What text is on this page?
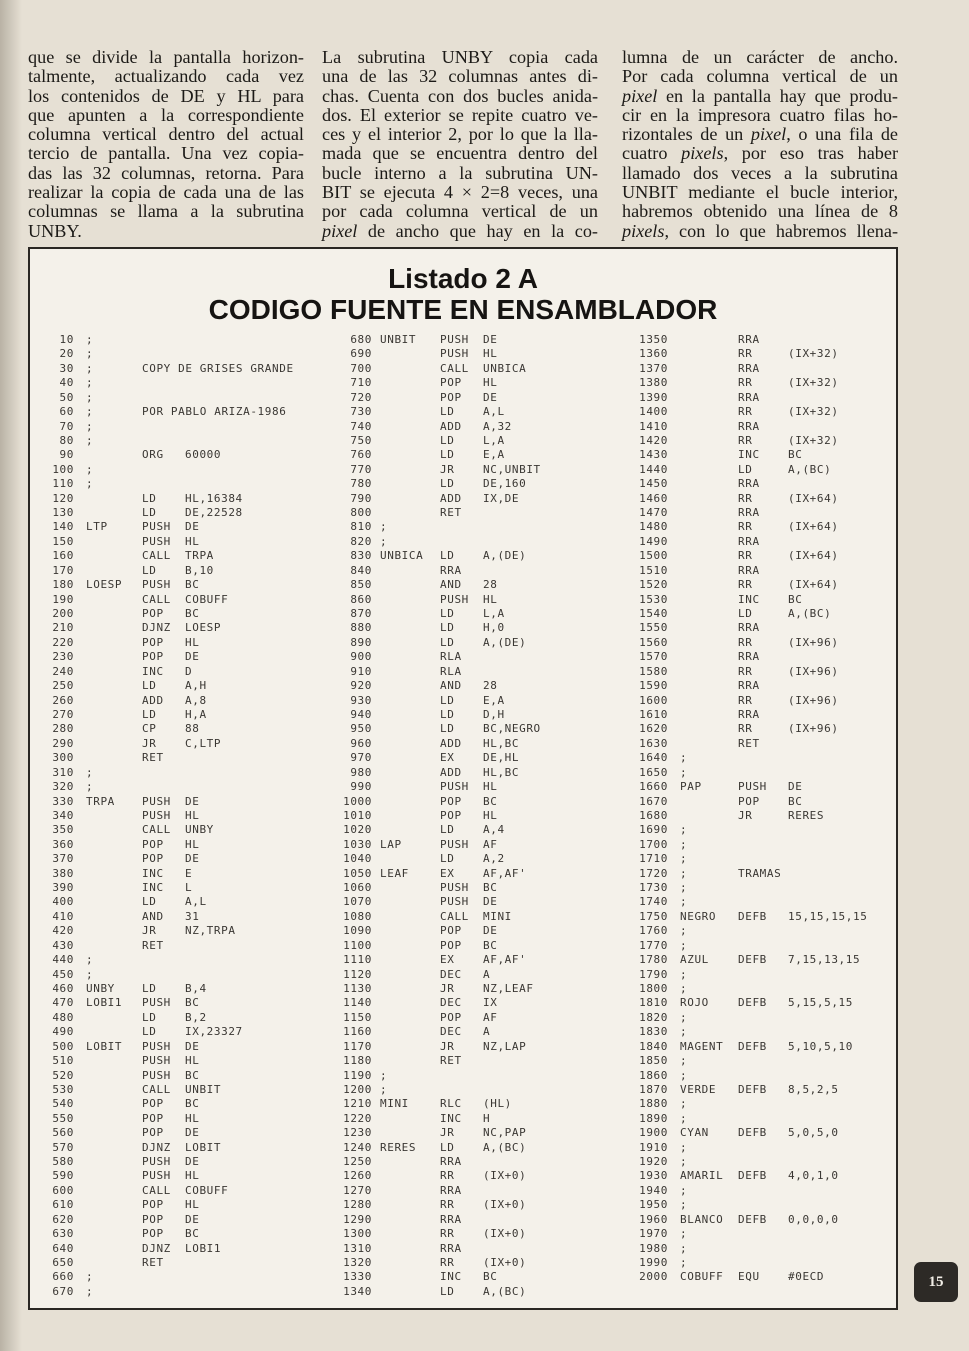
que se divide la pantalla horizon-
talmente, actualizando cada vez
los contenidos de DE y HL para
que apunten a la correspondiente
columna vertical dentro del actual
tercio de pantalla. Una vez copia-
das las 32 columnas, retorna. Para
realizar la copia de cada una de las
columnas se llama a la subrutina
UNBY.
La subrutina UNBY copia cada
una de las 32 columnas antes di-
chas. Cuenta con dos bucles anida-
dos. El exterior se repite cuatro ve-
ces y el interior 2, por lo que la lla-
mada que se encuentra dentro del
bucle interno a la subrutina UN-
BIT se ejecuta 4 × 2=8 veces, una
por cada columna vertical de un
pixel de ancho que hay en la co-
lumna de un carácter de ancho.
Por cada columna vertical de un
pixel en la pantalla hay que produ-
cir en la impresora cuatro filas ho-
rizontales de un pixel, o una fila de
cuatro pixels, por eso tras haber
llamado dos veces a la subrutina
UNBIT mediante el bucle interior,
habremos obtenido una línea de 8
pixels, con lo que habremos llena-
Listado 2 A
CODIGO FUENTE EN ENSAMBLADOR
10 ;
20 ;
30 ;	COPY DE GRISES GRANDE
40 ;
50 ;
60 ;	POR PABLO ARIZA-1986
70 ;
80 ;
90	ORG 60000
100 ;
110 ;
120	LD	HL,16384
130	LD	DE,22528
140 LTP	PUSH DE
150	PUSH HL
160	CALL TRPA
170	LD	B,10
180 LOESP PUSH BC
190	CALL COBUFF
200	POP BC
210	DJNZ LOESP
220	POP HL
230	POP DE
240	INC D
250	LD	A,H
260	ADD A,8
270	LD	H,A
280	CP	88
290	JR	C,LTP
300	RET
310 ;
320 ;
330 TRPA PUSH DE
340	PUSH HL
350	CALL UNBY
360	POP HL
370	POP DE
380	INC E
390	INC L
400	LD	A,L
410	AND 31
420	JR	NZ,TRPA
430	RET
440 ;
450 ;
460 UNBY LD	B,4
470 LOBI1 PUSH BC
480	LD	B,2
490	LD	IX,23327
500 LOBIT PUSH DE
510	PUSH HL
520	PUSH BC
530	CALL UNBIT
540	POP BC
550	POP HL
560	POP DE
570	DJNZ LOBIT
580	PUSH DE
590	PUSH HL
600	CALL COBUFF
610	POP HL
620	POP DE
630	POP BC
640	DJNZ LOBI1
650	RET
660 ;
670 ;
680 UNBIT PUSH DE
690	PUSH HL
700	CALL UNBICA
710	POP HL
720	POP DE
730	LD	A,L
740	ADD A,32
750	LD	L,A
760	LD	E,A
770	JR	NC,UNBIT
780	LD	DE,160
790	ADD IX,DE
800	RET
810 ;
820 ;
830 UNBICA LD	A,(DE)
840	RRA
850	AND 28
860	PUSH HL
870	LD	L,A
880	LD	H,0
890	LD	A,(DE)
900	RLA
910	RLA
920	AND 28
930	LD	E,A
940	LD	D,H
950	LD	BC,NEGRO
960	ADD HL,BC
970	EX	DE,HL
980	ADD HL,BC
990	PUSH HL
1000	POP BC
1010	POP HL
1020	LD	A,4
1030 LAP	PUSH AF
1040	LD	A,2
1050 LEAF	EX	AF,AF'
1060	PUSH BC
1070	PUSH DE
1080	CALL MINI
1090	POP DE
1100	POP BC
1110	EX	AF,AF'
1120	DEC A
1130	JR	NZ,LEAF
1140	DEC IX
1150	POP AF
1160	DEC A
1170	JR	NZ,LAP
1180	RET
1190 ;
1200 ;
1210 MINI	RLC (HL)
1220	INC H
1230	JR	NC,PAP
1240 RERES LD	A,(BC)
1250	RRA
1260	RR	(IX+0)
1270	RRA
1280	RR	(IX+0)
1290	RRA
1300	RR	(IX+0)
1310	RRA
1320	RR	(IX+0)
1330	INC BC
1340	LD	A,(BC)
1350	RRA
1360	RR	(IX+32)
1370	RRA
1380	RR	(IX+32)
1390	RRA
1400	RR	(IX+32)
1410	RRA
1420	RR	(IX+32)
1430	INC	BC
1440	LD	A,(BC)
1450	RRA
1460	RR	(IX+64)
1470	RRA
1480	RR	(IX+64)
1490	RRA
1500	RR	(IX+64)
1510	RRA
1520	RR	(IX+64)
1530	INC	BC
1540	LD	A,(BC)
1550	RRA
1560	RR	(IX+96)
1570	RRA
1580	RR	(IX+96)
1590	RRA
1600	RR	(IX+96)
1610	RRA
1620	RR	(IX+96)
1630	RET
1640 ;
1650 ;
1660 PAP	PUSH DE
1670	POP	BC
1680	JR	RERES
1690 ;
1700 ;
1710 ;
1720 ;	TRAMAS
1730 ;
1740 ;
1750 NEGRO DEFB 15,15,15,15
1760 ;
1770 ;
1780 AZUL	DEFB 7,15,13,15
1790 ;
1800 ;
1810 ROJO	DEFB 5,15,5,15
1820 ;
1830 ;
1840 MAGENT DEFB 5,10,5,10
1850 ;
1860 ;
1870 VERDE DEFB 8,5,2,5
1880 ;
1890 ;
1900 CYAN	DEFB 5,0,5,0
1910 ;
1920 ;
1930 AMARIL DEFB 4,0,1,0
1940 ;
1950 ;
1960 BLANCO DEFB 0,0,0,0
1970 ;
1980 ;
1990 ;
2000 COBUFF EQU	#0ECD	15
